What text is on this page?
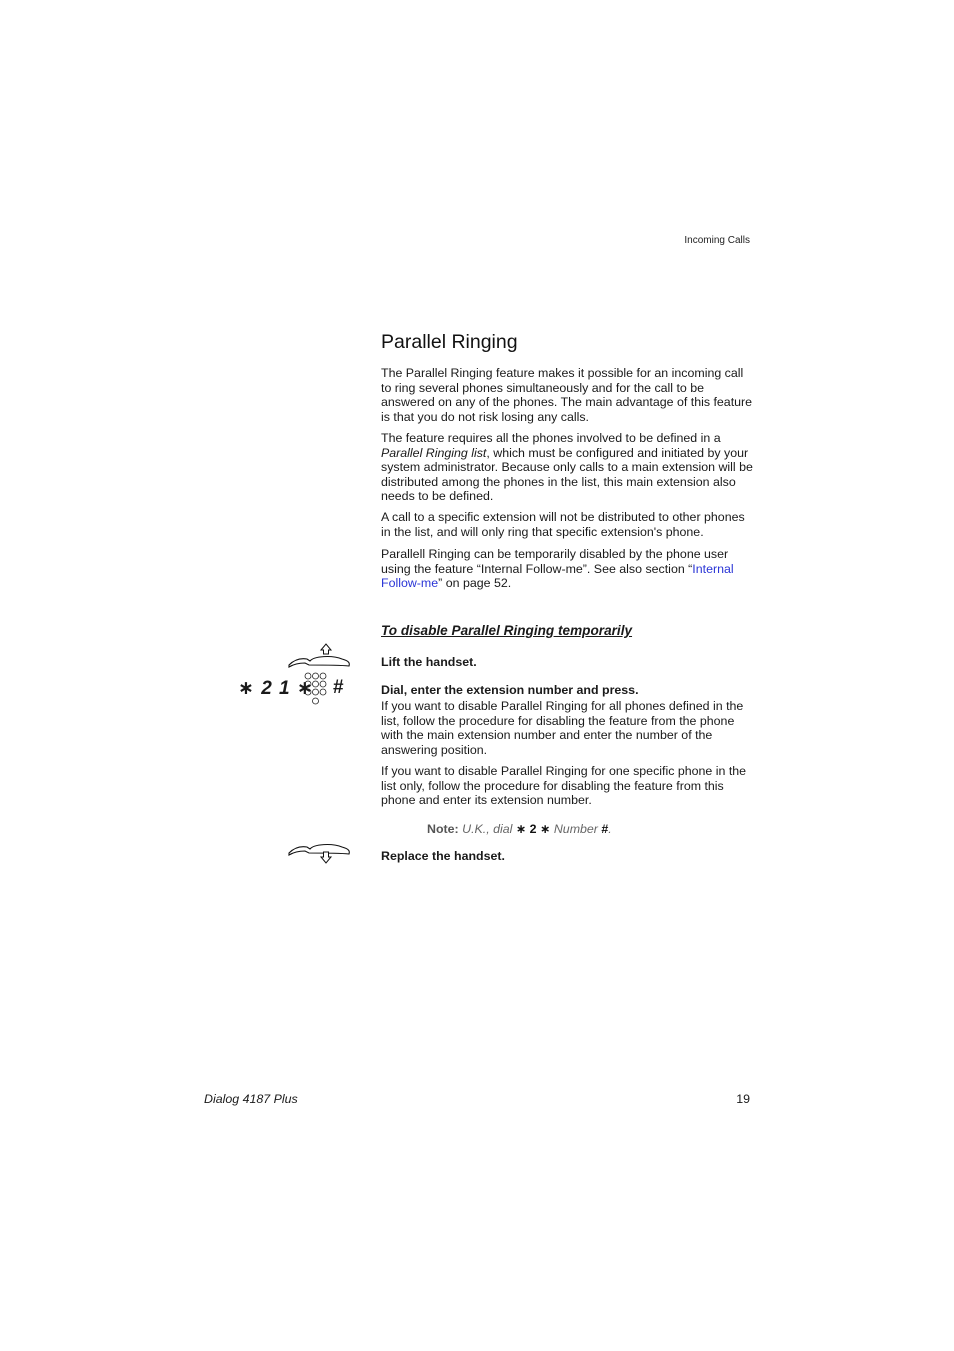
Incoming Calls
Parallel Ringing

The Parallel Ringing feature makes it possible for an incoming call to ring several phones simultaneously and for the call to be answered on any of the phones. The main advantage of this feature is that you do not risk losing any calls.

The feature requires all the phones involved to be defined in a Parallel Ringing list, which must be configured and initiated by your system administrator. Because only calls to a main extension will be distributed among the phones in the list, this main extension also needs to be defined.

A call to a specific extension will not be distributed to other phones in the list, and will only ring that specific extension's phone.

Parallell Ringing can be temporarily disabled by the phone user using the feature “Internal Follow-me”. See also section “Internal Follow-me” on page 52.

To disable Parallel Ringing temporarily
Lift the handset.
∗ 2 1 ∗ #	Dial, enter the extension number and press.

If you want to disable Parallel Ringing for all phones defined in the list, follow the procedure for disabling the feature from the phone with the main extension number and enter the number of the answering position.

If you want to disable Parallel Ringing for one specific phone in the list only, follow the procedure for disabling the feature from this phone and enter its extension number.

Note: U.K., dial ∗ 2 ∗ Number #.
Replace the handset.
Dialog 4187 Plus	19
